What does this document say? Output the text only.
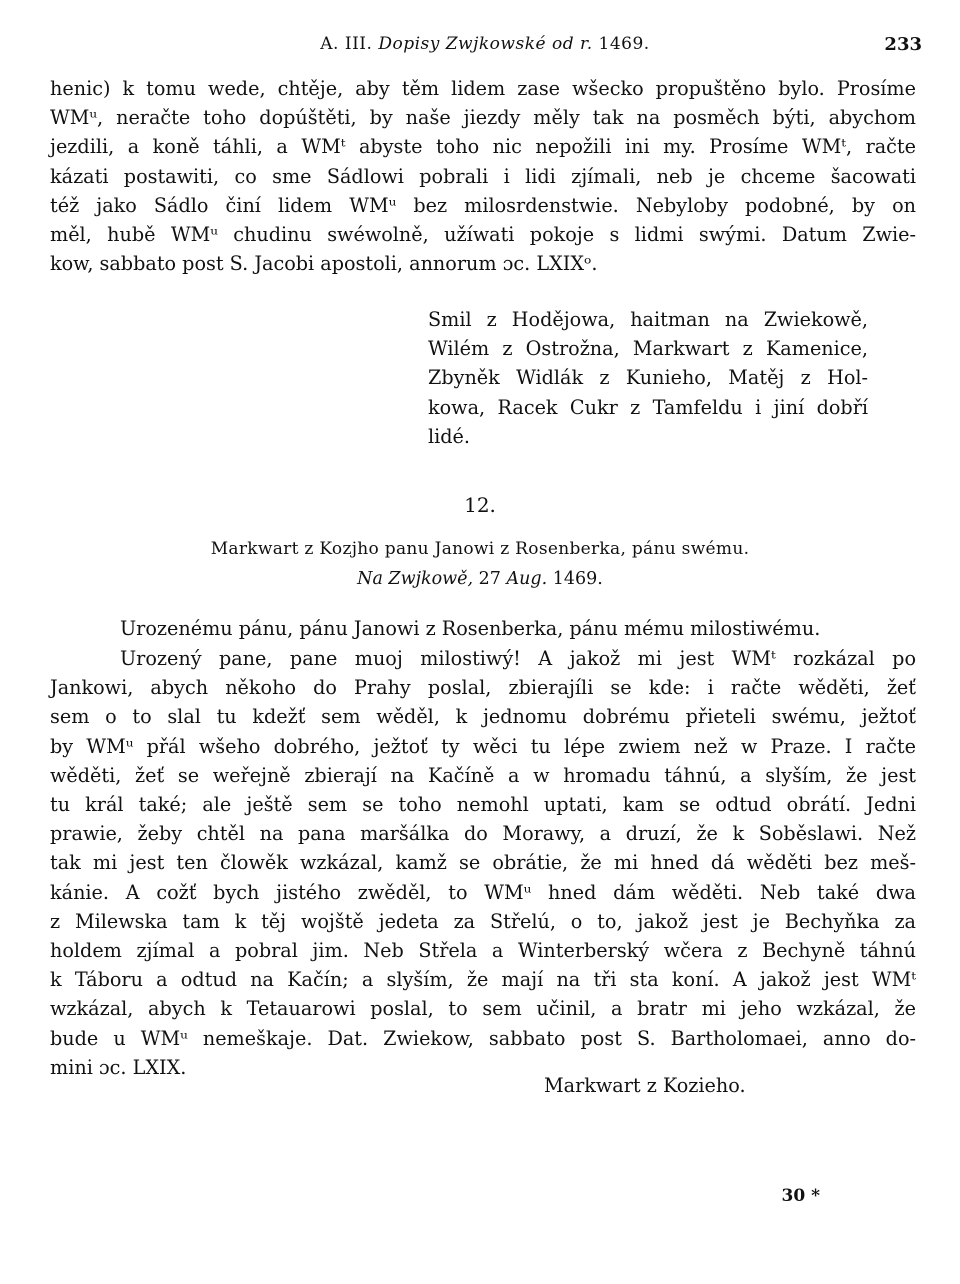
A. III. Dopisy Zwjkowské od r. 1469.	233
henic) k tomu wede, chtěje, aby těm lidem zase wšecko propuštěno bylo. Prosíme
WMᵘ, neračte toho dopúštěti, by naše jiezdy měly tak na posměch býti, abychom
jezdili, a koně táhli, a WMᵗ abyste toho nic nepožili ini my. Prosíme WMᵗ, račte
kázati postawiti, co sme Sádlowi pobrali i lidi zjímali, neb je chceme šacowati
též jako Sádlo činí lidem WMᵘ bez milosrdenstwie. Nebyloby podobné, by on
měl, hubě WMᵘ chudinu swéwolně, užíwati pokoje s lidmi swými. Datum Zwie-
kow, sabbato post S. Jacobi apostoli, annorum ɔc. LXIXᵒ.
Smil z Hodějowa, haitman na Zwiekowě,
Wilém z Ostrožna, Markwart z Kamenice,
Zbyněk Widlák z Kunieho, Matěj z Hol-
kowa, Racek Cukr z Tamfeldu i jiní dobří
lidé.
12.
Markwart z Kozjho panu Janowi z Rosenberka, pánu swému.
Na Zwjkowě, 27 Aug. 1469.
Urozenému pánu, pánu Janowi z Rosenberka, pánu mému milostiwému.
Urozený pane, pane muoj milostiwý! A jakož mi jest WMᵗ rozkázal po
Jankowi, abych někoho do Prahy poslal, zbierajíli se kde: i račte wěděti, žeť
sem o to slal tu kdežť sem wěděl, k jednomu dobrému přieteli swému, ježtoť
by WMᵘ přál wšeho dobrého, ježtoť ty wěci tu lépe zwiem než w Praze. I račte
wěděti, žeť se weřejně zbierají na Kačíně a w hromadu táhnú, a slyším, že jest
tu král také; ale ještě sem se toho nemohl uptati, kam se odtud obrátí. Jedni
prawie, žeby chtěl na pana maršálka do Morawy, a druzí, že k Soběslawi. Než
tak mi jest ten člowěk wzkázal, kamž se obrátie, že mi hned dá wěděti bez meš-
kánie. A cožť bych jistého zwěděl, to WMᵘ hned dám wěděti. Neb také dwa
z Milewska tam k těj wojště jedeta za Střelú, o to, jakož jest je Bechyňka za
holdem zjímal a pobral jim. Neb Střela a Winterberský wčera z Bechyně táhnú
k Táboru a odtud na Kačín; a slyším, že mají na tři sta koní. A jakož jest WMᵗ
wzkázal, abych k Tetauarowi poslal, to sem učinil, a bratr mi jeho wzkázal, že
bude u WMᵘ nemeškaje. Dat. Zwiekow, sabbato post S. Bartholomaei, anno do-
mini ɔc. LXIX.
Markwart z Kozieho.
30 *
